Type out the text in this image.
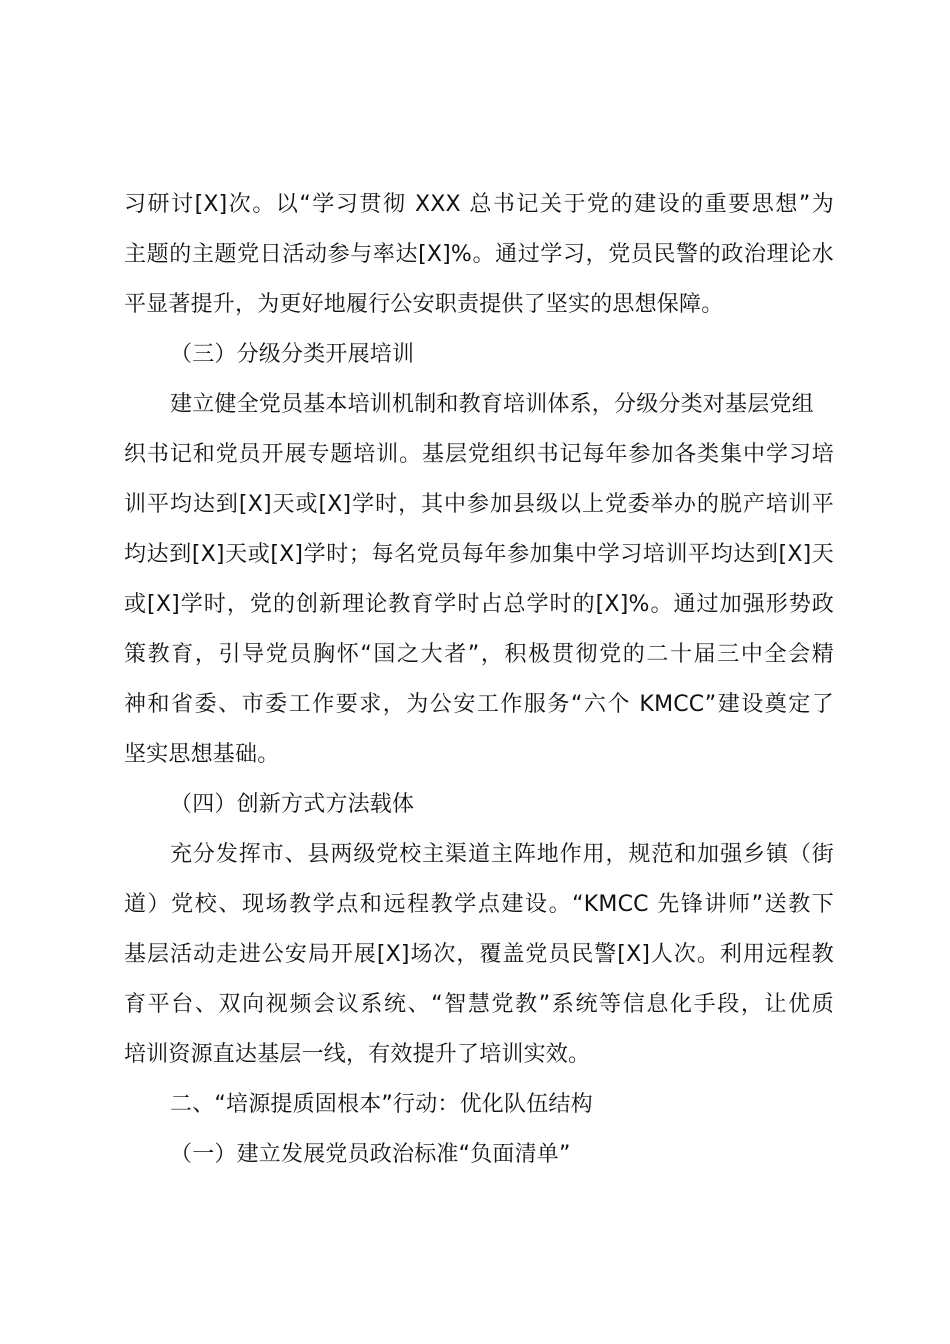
习研讨[X]次。以“学习贯彻 XXX 总书记关于党的建设的重要思想”为
主题的主题党日活动参与率达[X]%。通过学习，党员民警的政治理论水
平显著提升，为更好地履行公安职责提供了坚实的思想保障。
（三）分级分类开展培训
建立健全党员基本培训机制和教育培训体系，分级分类对基层党组
织书记和党员开展专题培训。基层党组织书记每年参加各类集中学习培
训平均达到[X]天或[X]学时，其中参加县级以上党委举办的脱产培训平
均达到[X]天或[X]学时；每名党员每年参加集中学习培训平均达到[X]天
或[X]学时，党的创新理论教育学时占总学时的[X]%。通过加强形势政
策教育，引导党员胸怀“国之大者”，积极贯彻党的二十届三中全会精
神和省委、市委工作要求，为公安工作服务“六个 KMCC”建设奠定了
坚实思想基础。
（四）创新方式方法载体
充分发挥市、县两级党校主渠道主阵地作用，规范和加强乡镇（街
道）党校、现场教学点和远程教学点建设。“KMCC 先锋讲师”送教下
基层活动走进公安局开展[X]场次，覆盖党员民警[X]人次。利用远程教
育平台、双向视频会议系统、“智慧党教”系统等信息化手段，让优质
培训资源直达基层一线，有效提升了培训实效。
二、“培源提质固根本”行动：优化队伍结构
（一）建立发展党员政治标准“负面清单”
